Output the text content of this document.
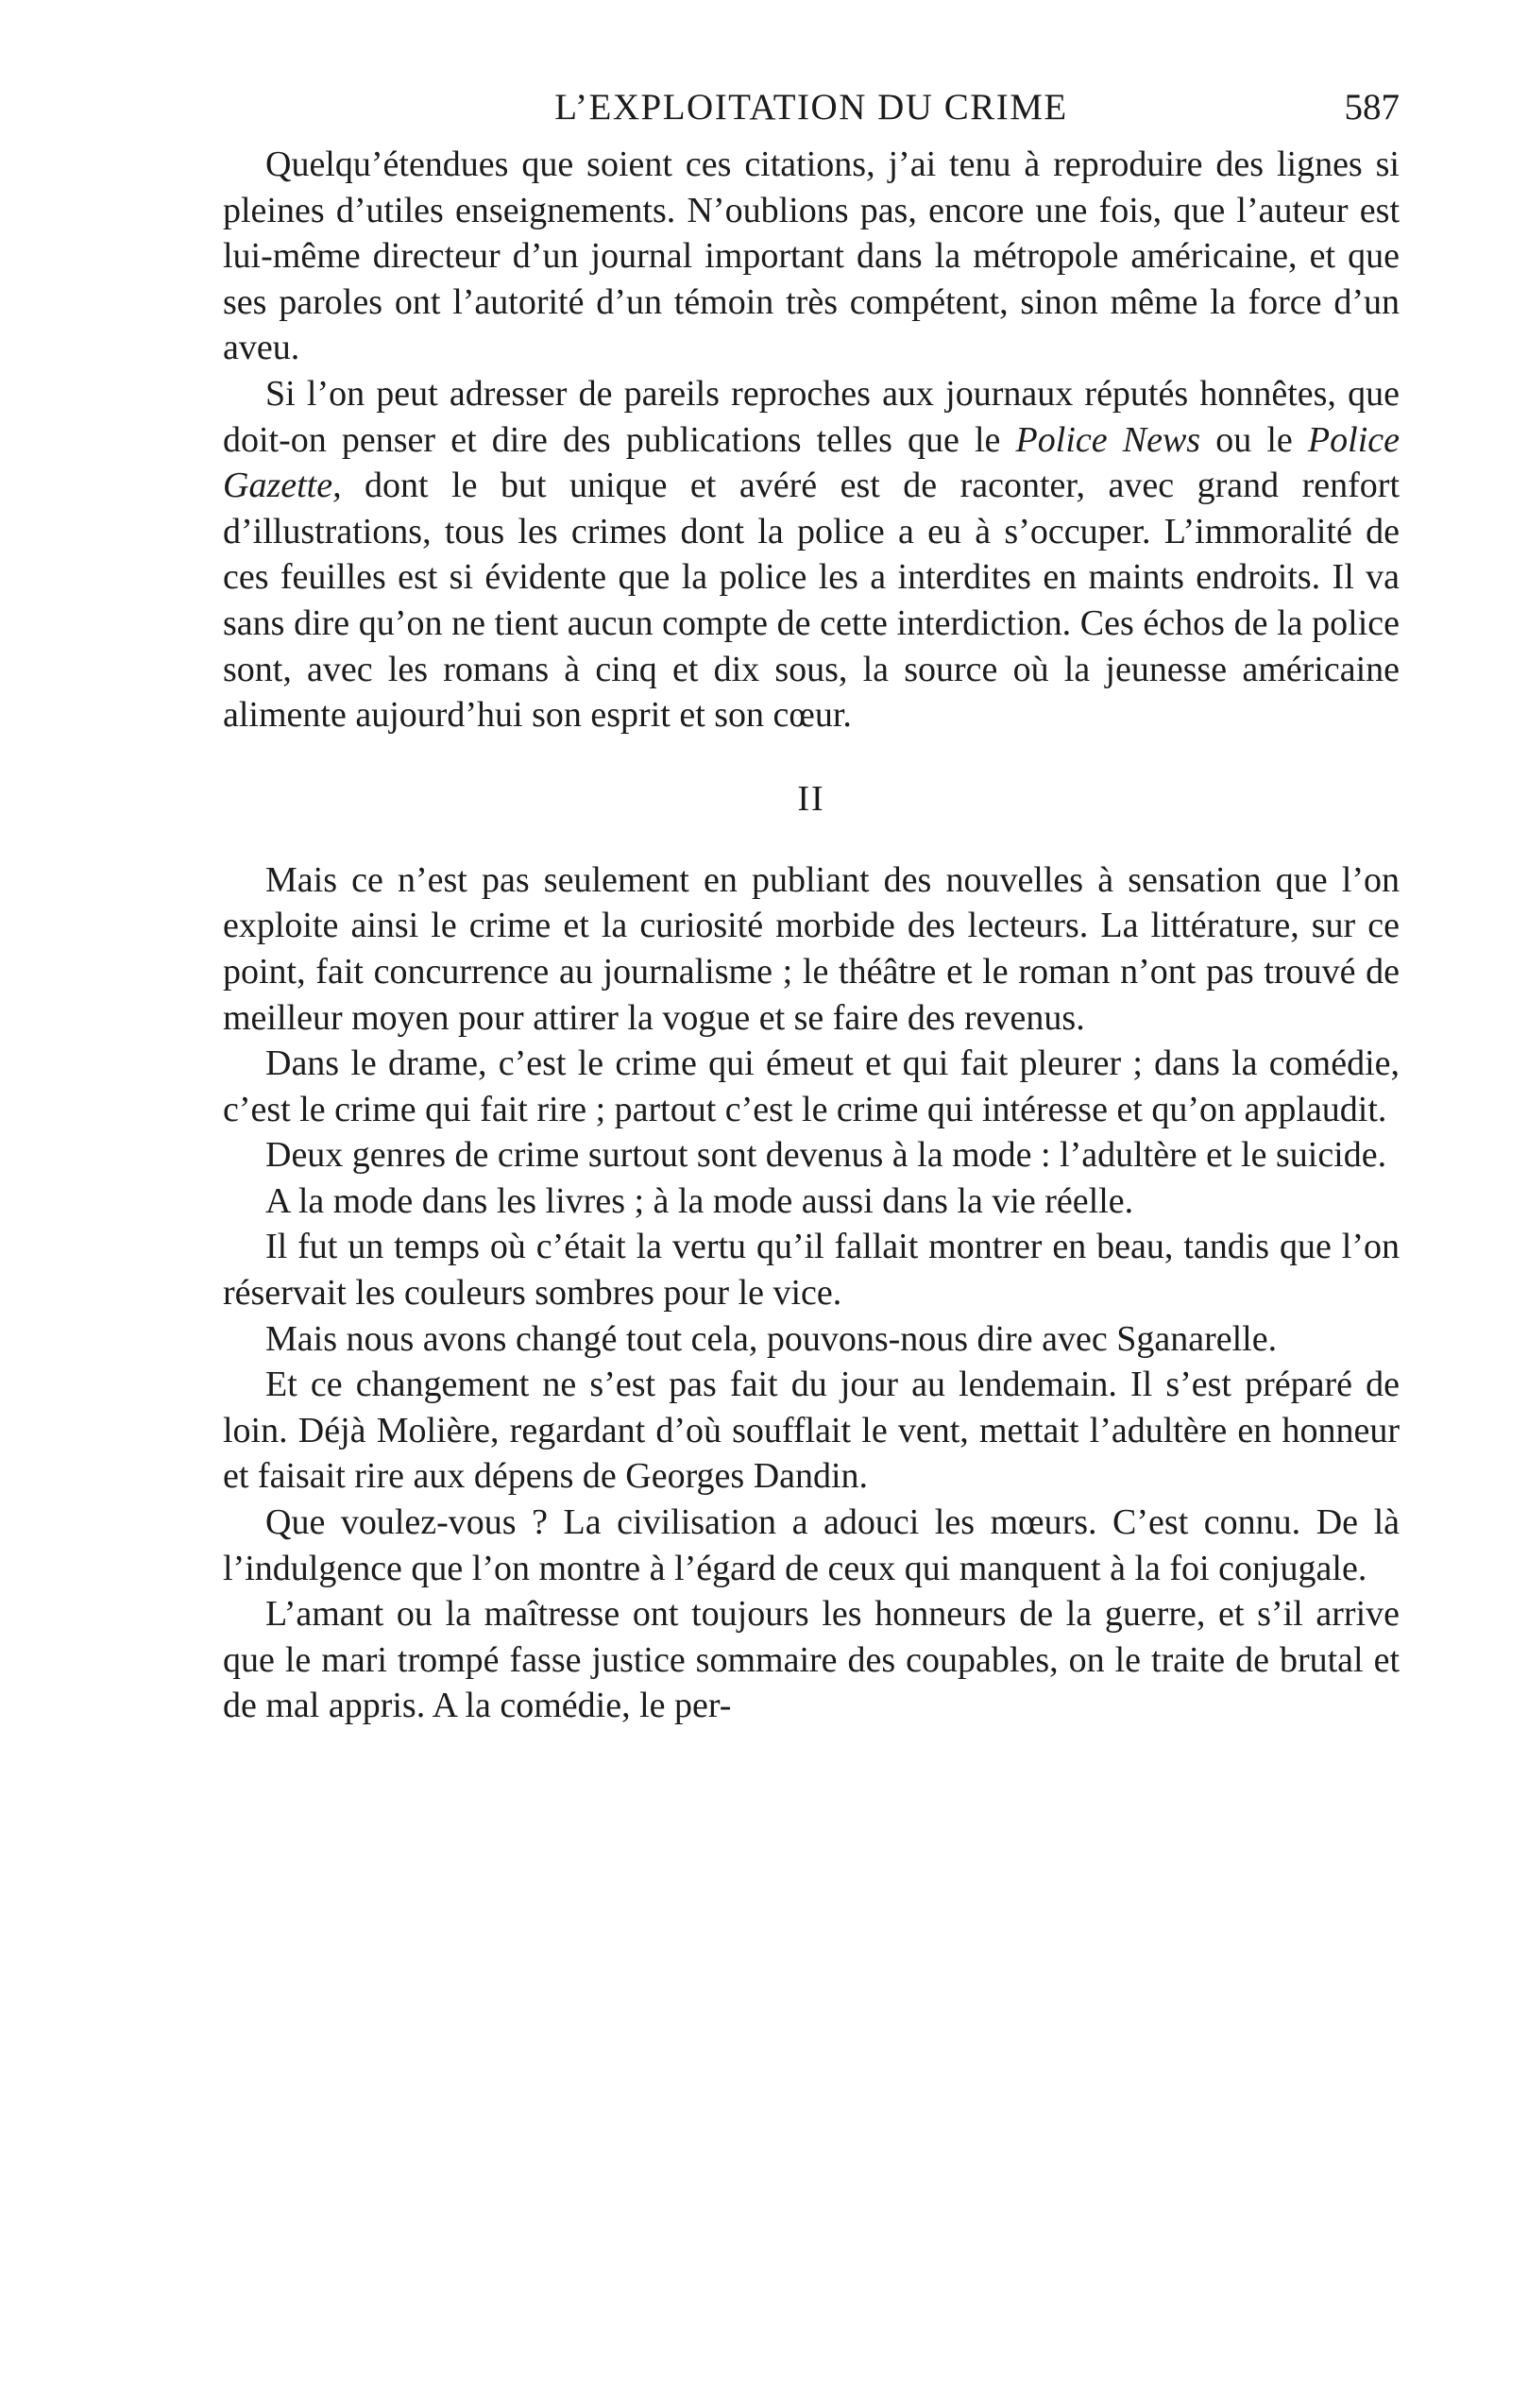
L’EXPLOITATION DU CRIME	587

Quelqu’étendues que soient ces citations, j’ai tenu à reproduire des lignes si pleines d’utiles enseignements. N’oublions pas, encore une fois, que l’auteur est lui-même directeur d’un journal important dans la métropole américaine, et que ses paroles ont l’autorité d’un témoin très compétent, sinon même la force d’un aveu.

Si l’on peut adresser de pareils reproches aux journaux réputés honnêtes, que doit-on penser et dire des publications telles que le Police News ou le Police Gazette, dont le but unique et avéré est de raconter, avec grand renfort d’illustrations, tous les crimes dont la police a eu à s’occuper. L’immoralité de ces feuilles est si évidente que la police les a interdites en maints endroits. Il va sans dire qu’on ne tient aucun compte de cette interdiction. Ces échos de la police sont, avec les romans à cinq et dix sous, la source où la jeunesse américaine alimente aujourd’hui son esprit et son cœur.

II

Mais ce n’est pas seulement en publiant des nouvelles à sensation que l’on exploite ainsi le crime et la curiosité morbide des lecteurs. La littérature, sur ce point, fait concurrence au journalisme ; le théâtre et le roman n’ont pas trouvé de meilleur moyen pour attirer la vogue et se faire des revenus.

Dans le drame, c’est le crime qui émeut et qui fait pleurer ; dans la comédie, c’est le crime qui fait rire ; partout c’est le crime qui intéresse et qu’on applaudit.

Deux genres de crime surtout sont devenus à la mode : l’adultère et le suicide.

A la mode dans les livres ; à la mode aussi dans la vie réelle.

Il fut un temps où c’était la vertu qu’il fallait montrer en beau, tandis que l’on réservait les couleurs sombres pour le vice.

Mais nous avons changé tout cela, pouvons-nous dire avec Sganarelle.

Et ce changement ne s’est pas fait du jour au lendemain. Il s’est préparé de loin. Déjà Molière, regardant d’où soufflait le vent, mettait l’adultère en honneur et faisait rire aux dépens de Georges Dandin.

Que voulez-vous ? La civilisation a adouci les mœurs. C’est connu. De là l’indulgence que l’on montre à l’égard de ceux qui manquent à la foi conjugale.

L’amant ou la maîtresse ont toujours les honneurs de la guerre, et s’il arrive que le mari trompé fasse justice sommaire des coupables, on le traite de brutal et de mal appris. A la comédie, le per-
